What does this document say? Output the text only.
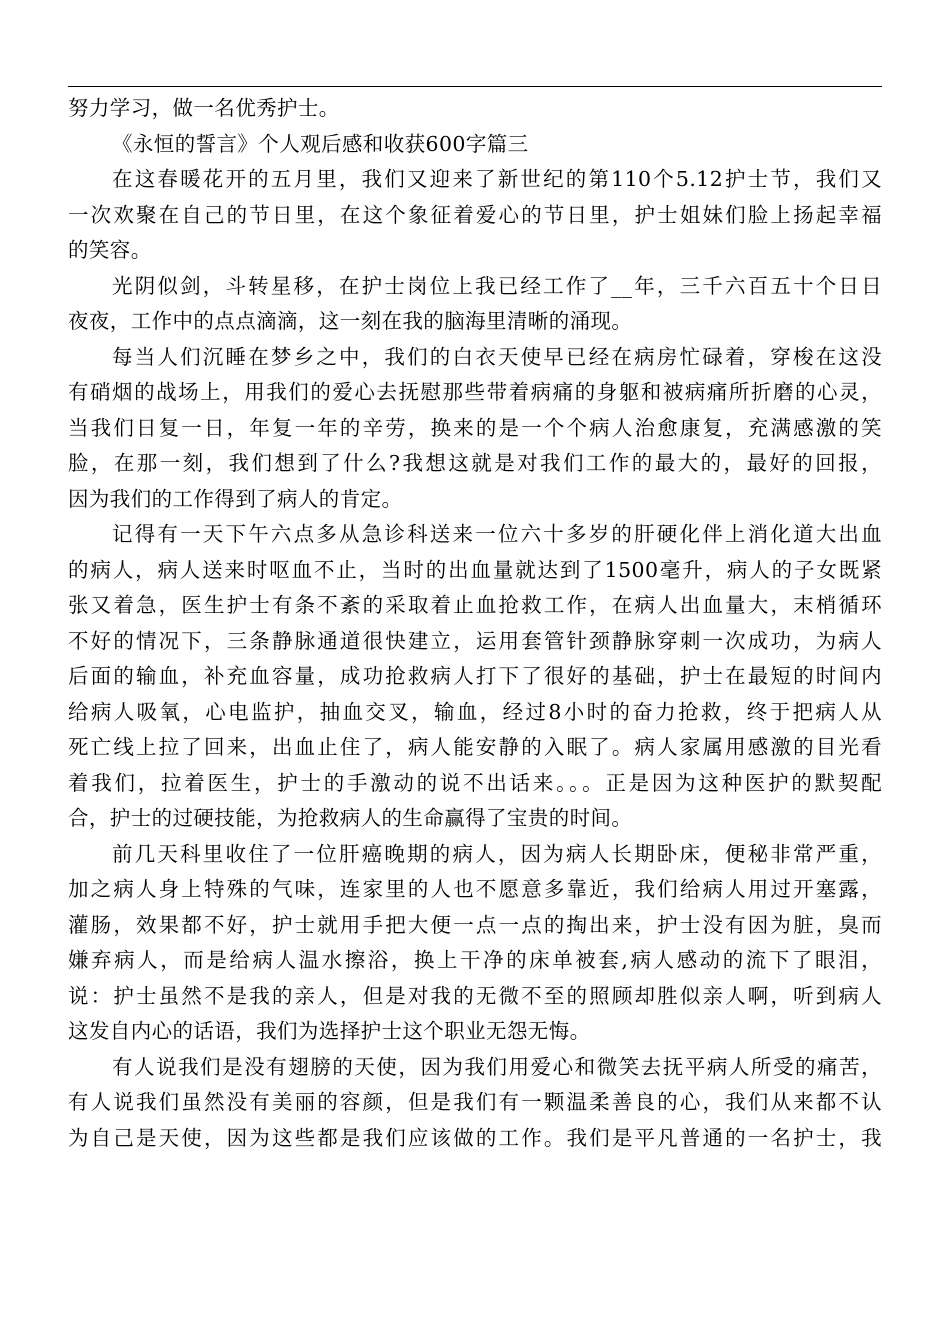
努力学习，做一名优秀护士。
《永恒的誓言》个人观后感和收获600字篇三
在这春暖花开的五月里，我们又迎来了新世纪的第110个5.12护士节，我们又
一次欢聚在自己的节日里，在这个象征着爱心的节日里，护士姐妹们脸上扬起幸福
的笑容。
光阴似剑，斗转星移，在护士岗位上我已经工作了__年，三千六百五十个日日
夜夜，工作中的点点滴滴，这一刻在我的脑海里清晰的涌现。
每当人们沉睡在梦乡之中，我们的白衣天使早已经在病房忙碌着，穿梭在这没
有硝烟的战场上，用我们的爱心去抚慰那些带着病痛的身躯和被病痛所折磨的心灵，
当我们日复一日，年复一年的辛劳，换来的是一个个病人治愈康复，充满感激的笑
脸，在那一刻，我们想到了什么?我想这就是对我们工作的最大的，最好的回报，
因为我们的工作得到了病人的肯定。
记得有一天下午六点多从急诊科送来一位六十多岁的肝硬化伴上消化道大出血
的病人，病人送来时呕血不止，当时的出血量就达到了1500毫升，病人的子女既紧
张又着急，医生护士有条不紊的采取着止血抢救工作，在病人出血量大，末梢循环
不好的情况下，三条静脉通道很快建立，运用套管针颈静脉穿刺一次成功，为病人
后面的输血，补充血容量，成功抢救病人打下了很好的基础，护士在最短的时间内
给病人吸氧，心电监护，抽血交叉，输血，经过8小时的奋力抢救，终于把病人从
死亡线上拉了回来，出血止住了，病人能安静的入眠了。病人家属用感激的目光看
着我们，拉着医生，护士的手激动的说不出话来。。。正是因为这种医护的默契配
合，护士的过硬技能，为抢救病人的生命赢得了宝贵的时间。
前几天科里收住了一位肝癌晚期的病人，因为病人长期卧床，便秘非常严重，
加之病人身上特殊的气味，连家里的人也不愿意多靠近，我们给病人用过开塞露，
灌肠，效果都不好，护士就用手把大便一点一点的掏出来，护士没有因为脏，臭而
嫌弃病人，而是给病人温水擦浴，换上干净的床单被套,病人感动的流下了眼泪，
说：护士虽然不是我的亲人，但是对我的无微不至的照顾却胜似亲人啊，听到病人
这发自内心的话语，我们为选择护士这个职业无怨无悔。
有人说我们是没有翅膀的天使，因为我们用爱心和微笑去抚平病人所受的痛苦，
有人说我们虽然没有美丽的容颜，但是我们有一颗温柔善良的心，我们从来都不认
为自己是天使，因为这些都是我们应该做的工作。我们是平凡普通的一名护士，我
